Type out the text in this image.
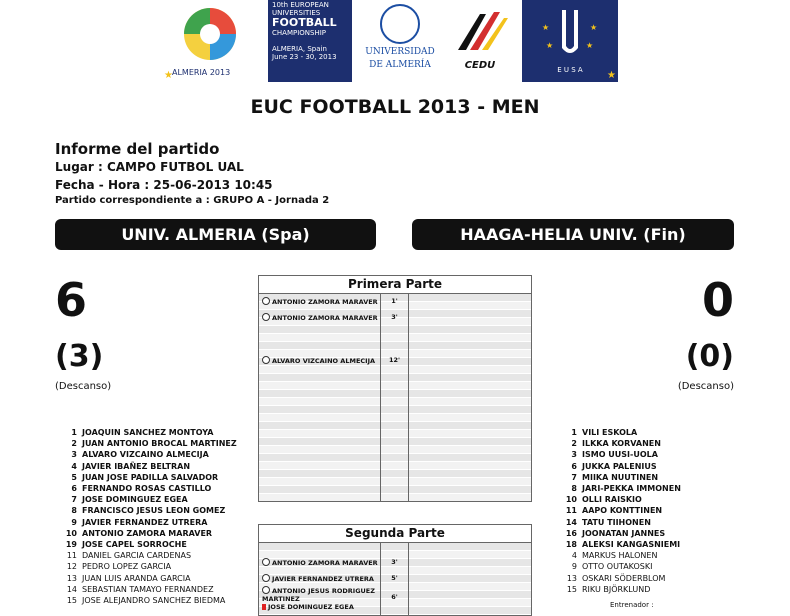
ALMERIA 2013
★
10th EUROPEAN
UNIVERSITIES
FOOTBALL
CHAMPIONSHIP
ALMERIA, Spain
June 23 - 30, 2013	UNIVERSIDAD
DE ALMERÍA	CEDU
★	★
★	★
E U S A	★
EUC FOOTBALL 2013 - MEN
Informe del partido
Lugar : CAMPO FUTBOL UAL
Fecha - Hora : 25-06-2013 10:45
Partido correspondiente a : GRUPO A - Jornada 2
UNIV. ALMERIA (Spa)	HAAGA-HELIA UNIV. (Fin)
6	0
(3)	(0)
(Descanso)	(Descanso)
Primera Parte
ANTONIO ZAMORA MARAVER	1'
ANTONIO ZAMORA MARAVER	3'
ALVARO VIZCAINO ALMECIJA	12'
Segunda Parte
ANTONIO ZAMORA MARAVER	3'
JAVIER FERNANDEZ UTRERA	5'
ANTONIO JESUS RODRIGUEZ MARTINEZ	6'
JOSE DOMINGUEZ EGEA
1 JOAQUIN SANCHEZ MONTOYA
2 JUAN ANTONIO BROCAL MARTINEZ
3 ALVARO VIZCAINO ALMECIJA
4 JAVIER IBAÑEZ BELTRAN
5 JUAN JOSE PADILLA SALVADOR
6 FERNANDO ROSAS CASTILLO
7 JOSE DOMINGUEZ EGEA
8 FRANCISCO JESUS LEON GOMEZ
9 JAVIER FERNANDEZ UTRERA
10 ANTONIO ZAMORA MARAVER
19 JOSE CAPEL SORROCHE
11 DANIEL GARCIA CARDENAS
12 PEDRO LOPEZ GARCIA
13 JUAN LUIS ARANDA GARCIA
14 SEBASTIAN TAMAYO FERNANDEZ
15 JOSE ALEJANDRO SANCHEZ BIEDMA
1 VILI ESKOLA
2 ILKKA KORVANEN
3 ISMO UUSI-UOLA
6 JUKKA PALENIUS
7 MIIKA NUUTINEN
8 JARI-PEKKA IMMONEN
10 OLLI RAISKIO
11 AAPO KONTTINEN
14 TATU TIIHONEN
16 JOONATAN JANNES
18 ALEKSI KANGASNIEMI
4 MARKUS HALONEN
9 OTTO OUTAKOSKI
13 OSKARI SÖDERBLOM
15 RIKU BJÖRKLUND
Entrenador :
